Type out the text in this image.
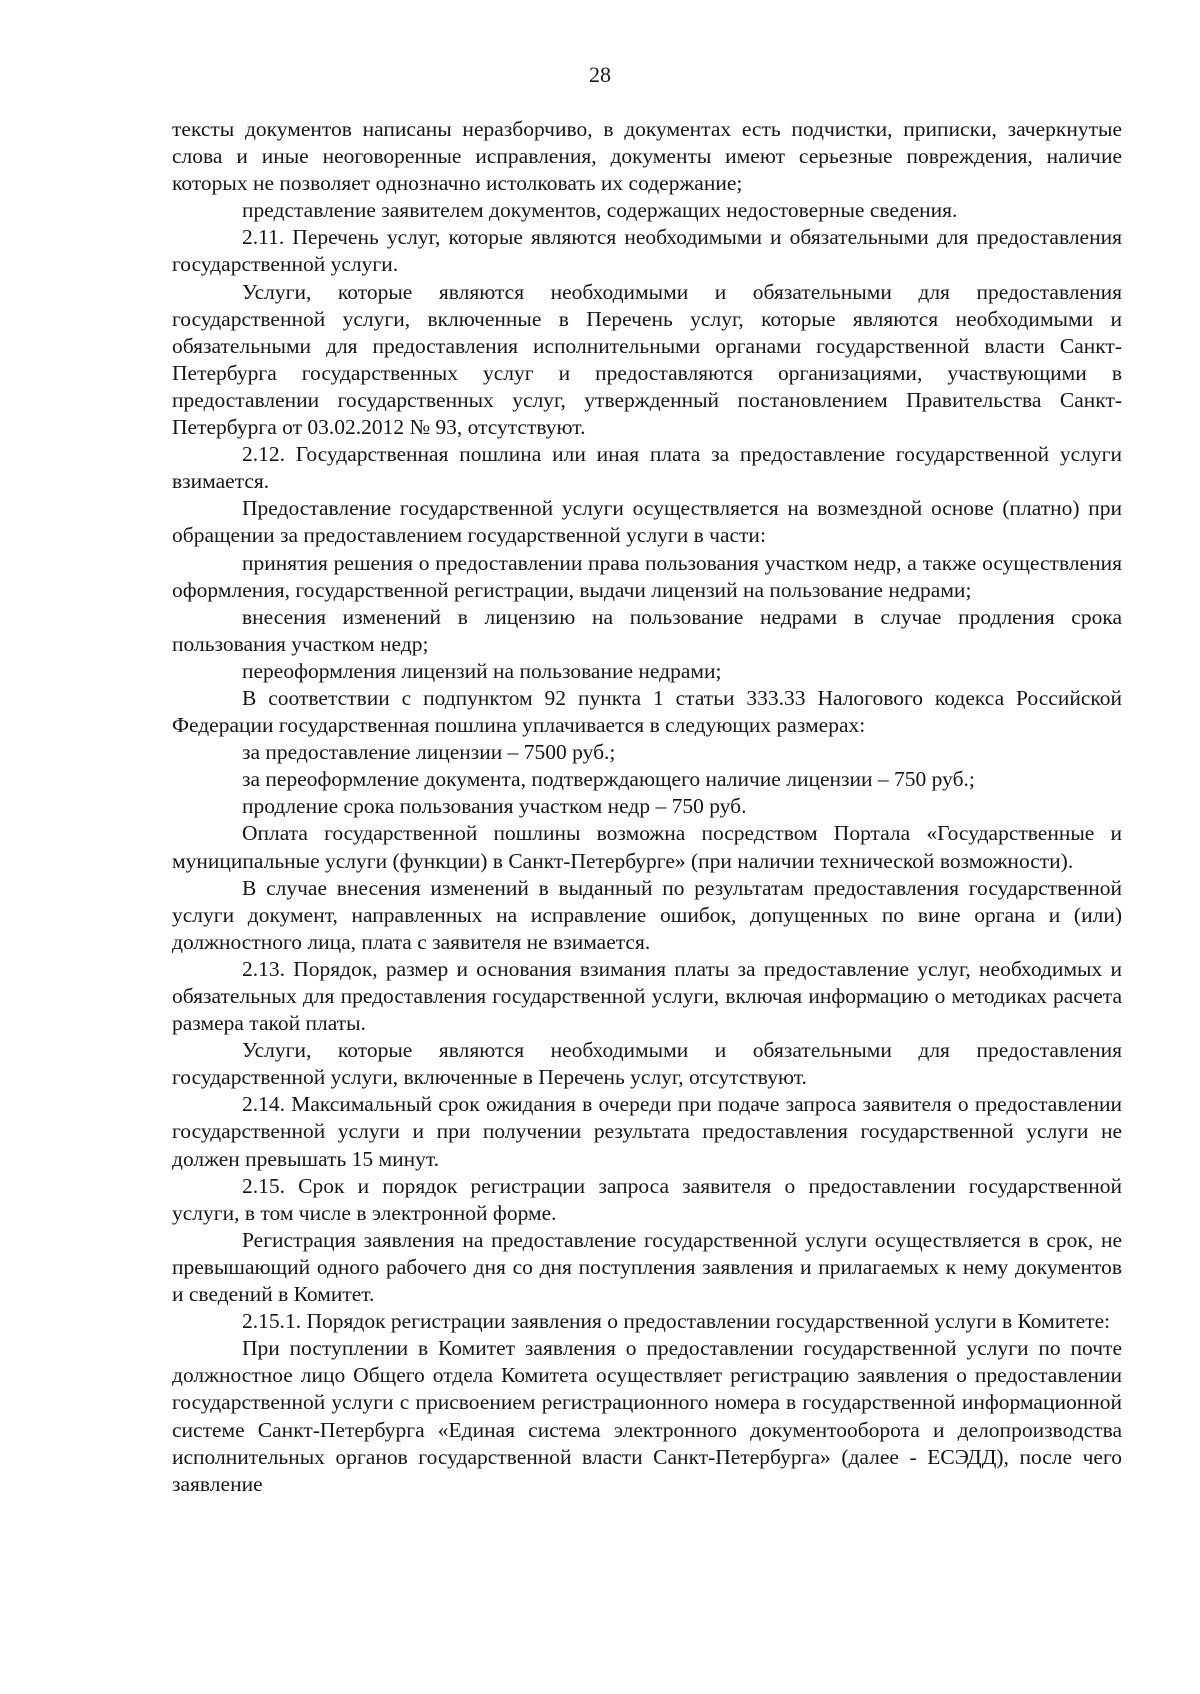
28

тексты документов написаны неразборчиво, в документах есть подчистки, приписки, зачеркнутые слова и иные неоговоренные исправления, документы имеют серьезные повреждения, наличие которых не позволяет однозначно истолковать их содержание;

представление заявителем документов, содержащих недостоверные сведения.

2.11. Перечень услуг, которые являются необходимыми и обязательными для предоставления государственной услуги.

Услуги, которые являются необходимыми и обязательными для предоставления государственной услуги, включенные в Перечень услуг, которые являются необходимыми и обязательными для предоставления исполнительными органами государственной власти Санкт-Петербурга государственных услуг и предоставляются организациями, участвующими в предоставлении государственных услуг, утвержденный постановлением Правительства Санкт-Петербурга от 03.02.2012 № 93, отсутствуют.

2.12. Государственная пошлина или иная плата за предоставление государственной услуги взимается.

Предоставление государственной услуги осуществляется на возмездной основе (платно) при обращении за предоставлением государственной услуги в части:

принятия решения о предоставлении права пользования участком недр, а также осуществления оформления, государственной регистрации, выдачи лицензий на пользование недрами;

внесения изменений в лицензию на пользование недрами в случае продления срока пользования участком недр;

переоформления лицензий на пользование недрами;

В соответствии с подпунктом 92 пункта 1 статьи 333.33 Налогового кодекса Российской Федерации государственная пошлина уплачивается в следующих размерах:

за предоставление лицензии – 7500 руб.;

за переоформление документа, подтверждающего наличие лицензии – 750 руб.;

продление срока пользования участком недр – 750 руб.

Оплата государственной пошлины возможна посредством Портала «Государственные и муниципальные услуги (функции) в Санкт-Петербурге» (при наличии технической возможности).

В случае внесения изменений в выданный по результатам предоставления государственной услуги документ, направленных на исправление ошибок, допущенных по вине органа и (или) должностного лица, плата с заявителя не взимается.

2.13. Порядок, размер и основания взимания платы за предоставление услуг, необходимых и обязательных для предоставления государственной услуги, включая информацию о методиках расчета размера такой платы.

Услуги, которые являются необходимыми и обязательными для предоставления государственной услуги, включенные в Перечень услуг, отсутствуют.

2.14. Максимальный срок ожидания в очереди при подаче запроса заявителя о предоставлении государственной услуги и при получении результата предоставления государственной услуги не должен превышать 15 минут.

2.15. Срок и порядок регистрации запроса заявителя о предоставлении государственной услуги, в том числе в электронной форме.

Регистрация заявления на предоставление государственной услуги осуществляется в срок, не превышающий одного рабочего дня со дня поступления заявления и прилагаемых к нему документов и сведений в Комитет.

2.15.1. Порядок регистрации заявления о предоставлении государственной услуги в Комитете:

При поступлении в Комитет заявления о предоставлении государственной услуги по почте должностное лицо Общего отдела Комитета осуществляет регистрацию заявления о предоставлении государственной услуги с присвоением регистрационного номера в государственной информационной системе Санкт-Петербурга «Единая система электронного документооборота и делопроизводства исполнительных органов государственной власти Санкт-Петербурга» (далее - ЕСЭДД), после чего заявление
